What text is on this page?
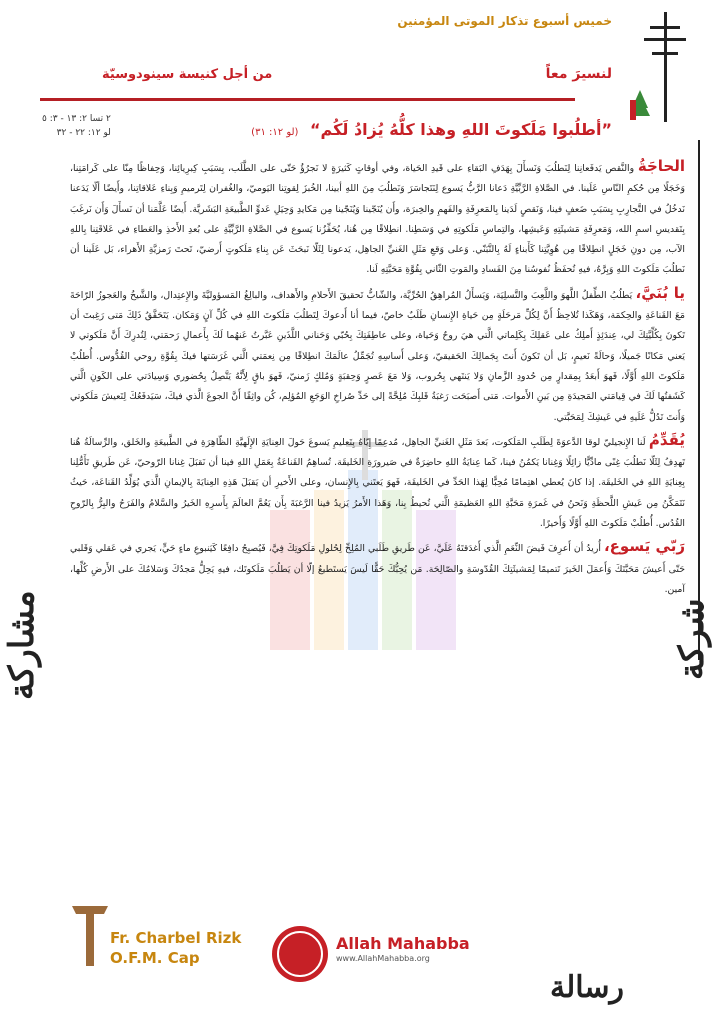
خميس أسبوع تذكار الموتى المؤمنين
لنسيرَ معاً
من أجل كنيسة سينودوسيّة
”أطلُبوا مَلَكوتَ اللهِ وهذا كلُّهُ يُزادُ لَكُم“ (لو ١٢: ٣١)
٢ تسا ٢: ١٣ - ٣: ٥
لو ١٢: ٢٢ - ٣٢

الحاجَةُ والنَّقص يَدفَعانِنا لِنَطلُبَ وَنَسأَلَ بِهَدَفِ البَقاءِ على قَيدِ الحَياة، وفي أوقاتٍ كَثيرَةٍ لا نَجرُؤُ حَتّى على الطَّلَب، بِسَبَبِ كِبرِيائِنا، وَحِفاظًا مِنّا على كَرامَتِنا، وَخَجَلًا مِن حُكمِ النّاسِ عَلَينا. في الصَّلاةِ الرَّبِّيَّةِ دَعانا الرَّبُّ يَسوع لِنَتَجاسَرَ وَنَطلُبَ مِنَ اللهِ أبينا، الخُبزَ لِقوتِنا اليَوميّ، والغُفران لِتَرميمِ وَبِناءِ عَلاقاتِنا، وأَيضًا ألّا يَدَعنا نَدخُلُ في التَّجارِبِ بِسَبَبِ ضَعفٍ فينا، وَنَقصٍ لَدَينا بِالمَعرِفَةِ والفَهمِ والخِبرَة، وأَن يُنَجّينا وَيُنَجّينا مِن مَكايدِ وَحِيَلِ عَدوِّ الطَّبيعَةِ البَشَريَّة. أَيضًا عَلَّمَنا أن نَسأَلَ وَأَن نَرغَبَ بِتَقديسِ اسمِ الله، وَمَعرِفَةِ مَشيئَتِهِ وَعَيشِها، والتِماسِ مَلَكوتِهِ في وَسَطِنا. انطِلاقًا مِن هُنا، يُحَفِّزُنا يَسوع في الصَّلاةِ الرَّبِّيَّةِ على بُعدِ الأَخذِ والعَطاءِ في عَلاقَتِنا بِاللهِ الآب، مِن دونِ خَجَلٍ انطِلاقًا مِن هُوِيَّتِنا كَأَبناءٍ لَهُ بِالتَّبَنّي. وَعلى وَقعِ مَثَلِ الغَنيِّ الجاهِل، يَدعونا لِئَلّا نَبحَثَ عَن بِناءِ مَلَكوتٍ أَرضيّ، تَحتَ رَمزيَّةِ الأَهراء، بَل عَلَينا أن نَطلُبَ مَلَكوتَ اللهِ وَبِرَّهُ، فيهِ تُحفَظُ نُفوسُنا مِنَ الفَسادِ والمَوتِ الثّاني بِقُوَّةِ مَحَبَّتِهِ لَنا.

يا بُنَيَّ، يَطلُبُ الطِّفلُ اللَّهوَ واللَّعِبَ والتَّسلِيَة، وَيَسأَلُ المُراهِقُ الحُرِّيَّة، والشّابُّ تَحقيقَ الأَحلامِ والأَهداف، والبالِغُ المَسؤوليَّةَ والإِعتِدال، والشَّيخُ والعَجوزُ الرّاحَةَ مَعَ القَناعَةِ والحِكمَة، وَهَكَذا تُلاحِظُ أَنَّ لِكُلِّ مَرحَلَةٍ مِن حَياةِ الإِنسانِ طَلَبٌ خاصّ، فيما أنا أَدعوكَ لِتَطلُبَ مَلَكوتَ اللهِ في كُلِّ آنٍ وَمَكان. يَتَحَقَّقُ ذَلِكَ مَتى رَغِبتَ أن تَكونَ بِكُلِّيَّتِكَ لي، عِندَئِذٍ أَملِكُ على عَقلِكَ بِكَلِماتي الَّتي هيَ روحٌ وَحَياة، وعلى عاطِفَتِكَ بِحُبّي وَحَناني اللَّذَينِ عَبَّرتُ عَنهُما لَكَ بِأَعمالِ رَحمَتي، لِتُدرِكَ أَنَّ مَلَكوتي لا يَعني مَكانًا جَميلًا، وَحالَةً نَعيمٍ، بَل أن تَكونَ أَنتَ بِجَمالِكَ الحَقيقيّ، وَعلى أَساسِهِ تُجَمِّلُ عالَمَكَ انطِلاقًا مِن نِعمَتي الَّتي غَرَسَتها فيكَ بِقُوَّةِ روحي القُدُّوس. أُطلُبْ مَلَكوتَ اللهِ أَوَّلًا، فَهوَ أَبعَدُ بِمِقدارٍ مِن حُدودِ الزَّمانِ وَلا يَنتَهي بِحُروب، وَلا مَعَ عَصرٍ وَحِقبَةٍ وَمُلكٍ زَمنيّ، فَهوَ باقٍ لِأَنَّهُ يَتَّصِلُ بِحُضوري وَسِيادَتي على الكَونِ الَّتي كَشَفتُها لَكَ في قِيامَتي المَجيدَةِ مِن بَينِ الأَموات. مَتى أَصبَحَت رَغبَةُ قَلبِكَ مُلِحَّةً إلى حَدِّ صُراخِ الوَجَعِ المُؤلِم، كُن واثِقًا أَنَّ الجوعَ الَّذي فيكَ، سَيَدفَعُكَ لِتَعيشَ مَلَكوتي وَأَنتَ تَدُلُّ عَلَيهِ في عَيشِكَ لِمَحَبَّتي.

يُقَدِّمُ لَنا الإِنجيليّ لوقا الدَّعوَةَ لِطَلَبِ المَلَكوت، بَعدَ مَثَلِ الغَنيِّ الجاهِل، مُدعِمًا إِيّاهُ بِتَعليمِ يَسوعَ حَولَ العِنايَةِ الإِلَهيَّةِ الظّاهِرَةِ في الطَّبيعَةِ والخَلق، والرِّسالَةُ هُنا تَهدِفُ لِئَلّا نَطلُبَ غِنًى مادِّيًّا زائِلًا وَغِنانا يَكمُنُ فينا، كَما عِنايَةُ اللهِ حاضِرَةٌ في صَيرورَةِ الخَليقَة. تُساهِمُ القَناعَةُ بِعَمَلِ اللهِ فينا أن نَقبَلَ غِنانا الرّوحيّ، عَن طَريقِ تَأَمُّلِنا بِعِنايَةِ اللهِ في الخَليقَة. إذا كانَ يُعطي اهتِمامًا مُحِبًّا لِهَذا الحَدِّ في الخَليقَة، فَهوَ يَعتَني بِالإِنسان، وعلى الأَخيرِ أن يَقبَلَ هَذِهِ العِنايَةَ بِالإيمانِ الَّذي يُوَلِّدُ القَناعَة، حَيثُ نَتَمَكَّنُ مِن عَيشِ اللَّحظَةِ وَنَحنُ في غَمرَةِ مَحَبَّةِ اللهِ العَظيمَةِ الَّتي تُحيطُ بِنا، وَهَذا الأَمرُ يَزيدُ فينا الرَّغبَةَ بِأَن يَعُمَّ العالَمَ بِأَسرِهِ الخَيرُ والسَّلامُ والفَرَحُ والبِرُّ بِالرّوحِ القُدُس. أُطلُبْ مَلَكوتَ اللهِ أَوَّلًا وَأَخيرًا.

رَبّي يَسوع، أُريدُ أن أَعرِفَ فَيضَ النِّعَمِ الَّذي أَغدَقتَهُ عَلَيَّ، عَن طَريقِ طَلَبي المُلِحِّ لِحُلولِ مَلَكوتِكَ فِيَّ، فَيُصبِحُ دافِعًا كَيَنبوعِ ماءٍ حَيٍّ، يَجري في عَقلي وَقَلبي حَتّى أَعيشَ مَحَبَّتَكَ وَأَعمَلَ الخَيرَ تَتميمًا لِمَشيئَتِكَ القُدّوسَةِ والصّالِحَة. مَن يُحِبُّكَ حَقًّا لَيسَ يَستَطيعُ إلّا أن يَطلُبَ مَلَكوتَك، فيهِ يَحِلُّ مَجدُكَ وَسَلامُكَ على الأَرضِ كُلِّها، آمين.

شركة
مشاركة
رسالة
Fr. Charbel Rizk
O.F.M. Cap
Allah Mahabba
www.AllahMahabba.org
